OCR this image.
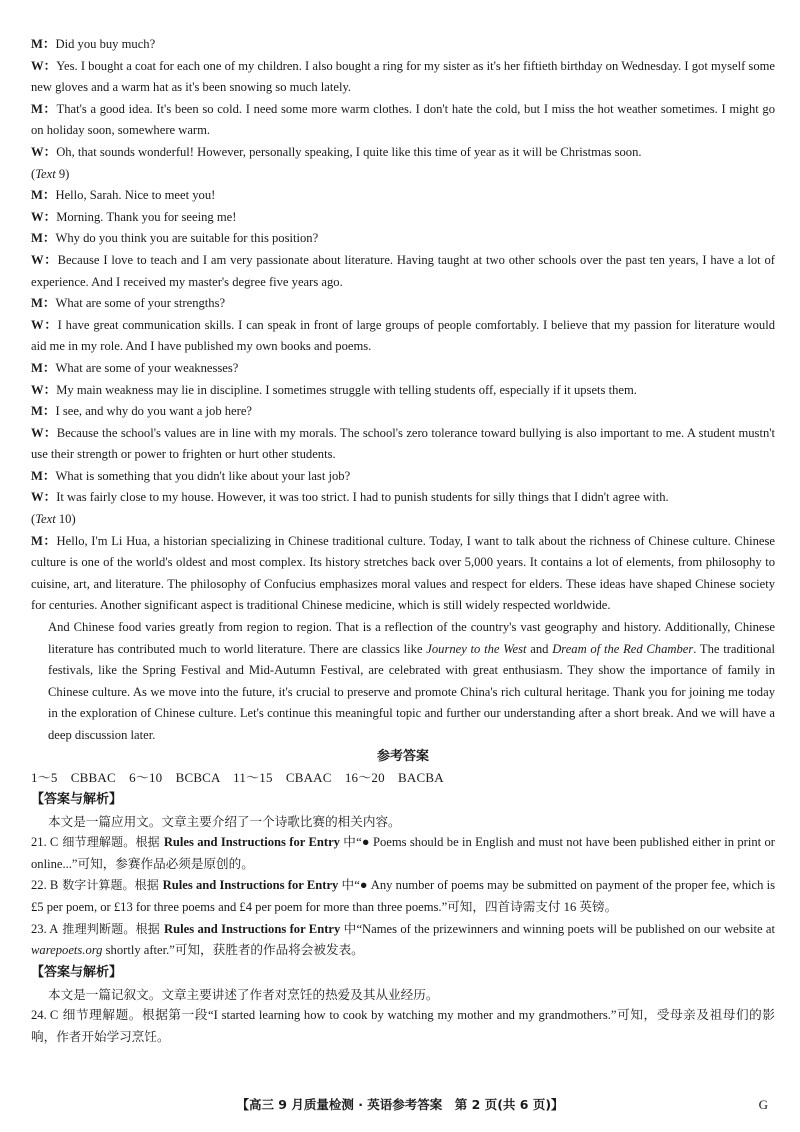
M：Did you buy much?

W：Yes. I bought a coat for each one of my children. I also bought a ring for my sister as it's her fiftieth birthday on Wednesday. I got myself some new gloves and a warm hat as it's been snowing so much lately.

M：That's a good idea. It's been so cold. I need some more warm clothes. I don't hate the cold, but I miss the hot weather sometimes. I might go on holiday soon, somewhere warm.

W：Oh, that sounds wonderful! However, personally speaking, I quite like this time of year as it will be Christmas soon.

(Text 9)

M：Hello, Sarah. Nice to meet you!

W：Morning. Thank you for seeing me!

M：Why do you think you are suitable for this position?

W：Because I love to teach and I am very passionate about literature. Having taught at two other schools over the past ten years, I have a lot of experience. And I received my master's degree five years ago.

M：What are some of your strengths?

W：I have great communication skills. I can speak in front of large groups of people comfortably. I believe that my passion for literature would aid me in my role. And I have published my own books and poems.

M：What are some of your weaknesses?

W：My main weakness may lie in discipline. I sometimes struggle with telling students off, especially if it upsets them.

M：I see, and why do you want a job here?

W：Because the school's values are in line with my morals. The school's zero tolerance toward bullying is also important to me. A student mustn't use their strength or power to frighten or hurt other students.

M：What is something that you didn't like about your last job?

W：It was fairly close to my house. However, it was too strict. I had to punish students for silly things that I didn't agree with.

(Text 10)

M：Hello, I'm Li Hua, a historian specializing in Chinese traditional culture. Today, I want to talk about the richness of Chinese culture. Chinese culture is one of the world's oldest and most complex. Its history stretches back over 5,000 years. It contains a lot of elements, from philosophy to cuisine, art, and literature. The philosophy of Confucius emphasizes moral values and respect for elders. These ideas have shaped Chinese society for centuries. Another significant aspect is traditional Chinese medicine, which is still widely respected worldwide.

And Chinese food varies greatly from region to region. That is a reflection of the country's vast geography and history. Additionally, Chinese literature has contributed much to world literature. There are classics like Journey to the West and Dream of the Red Chamber. The traditional festivals, like the Spring Festival and Mid-Autumn Festival, are celebrated with great enthusiasm. They show the importance of family in Chinese culture. As we move into the future, it's crucial to preserve and promote China's rich cultural heritage. Thank you for joining me today in the exploration of Chinese culture. Let's continue this meaningful topic and further our understanding after a short break. And we will have a deep discussion later.

参考答案

1～5　CBBAC　6～10　BCBCA　11～15　CBAAC　16～20　BACBA

【答案与解析】

本文是一篇应用文。文章主要介绍了一个诗歌比赛的相关内容。

21. C 细节理解题。根据 Rules and Instructions for Entry 中“● Poems should be in English and must not have been published either in print or online...”可知，参赛作品必须是原创的。

22. B 数字计算题。根据 Rules and Instructions for Entry 中“● Any number of poems may be submitted on payment of the proper fee, which is £5 per poem, or £13 for three poems and £4 per poem for more than three poems.”可知，四首诗需支付 16 英镑。

23. A 推理判断题。根据 Rules and Instructions for Entry 中“Names of the prizewinners and winning poets will be published on our website at warepoets.org shortly after.”可知，获胜者的作品将会被发表。

【答案与解析】

本文是一篇记叙文。文章主要讲述了作者对烹饪的热爱及其从业经历。

24. C 细节理解题。根据第一段“I started learning how to cook by watching my mother and my grandmothers.”可知，受母亲及祖母们的影响，作者开始学习烹饪。

【高三 9 月质量检测 · 英语参考答案　第 2 页(共 6 页)】	G
